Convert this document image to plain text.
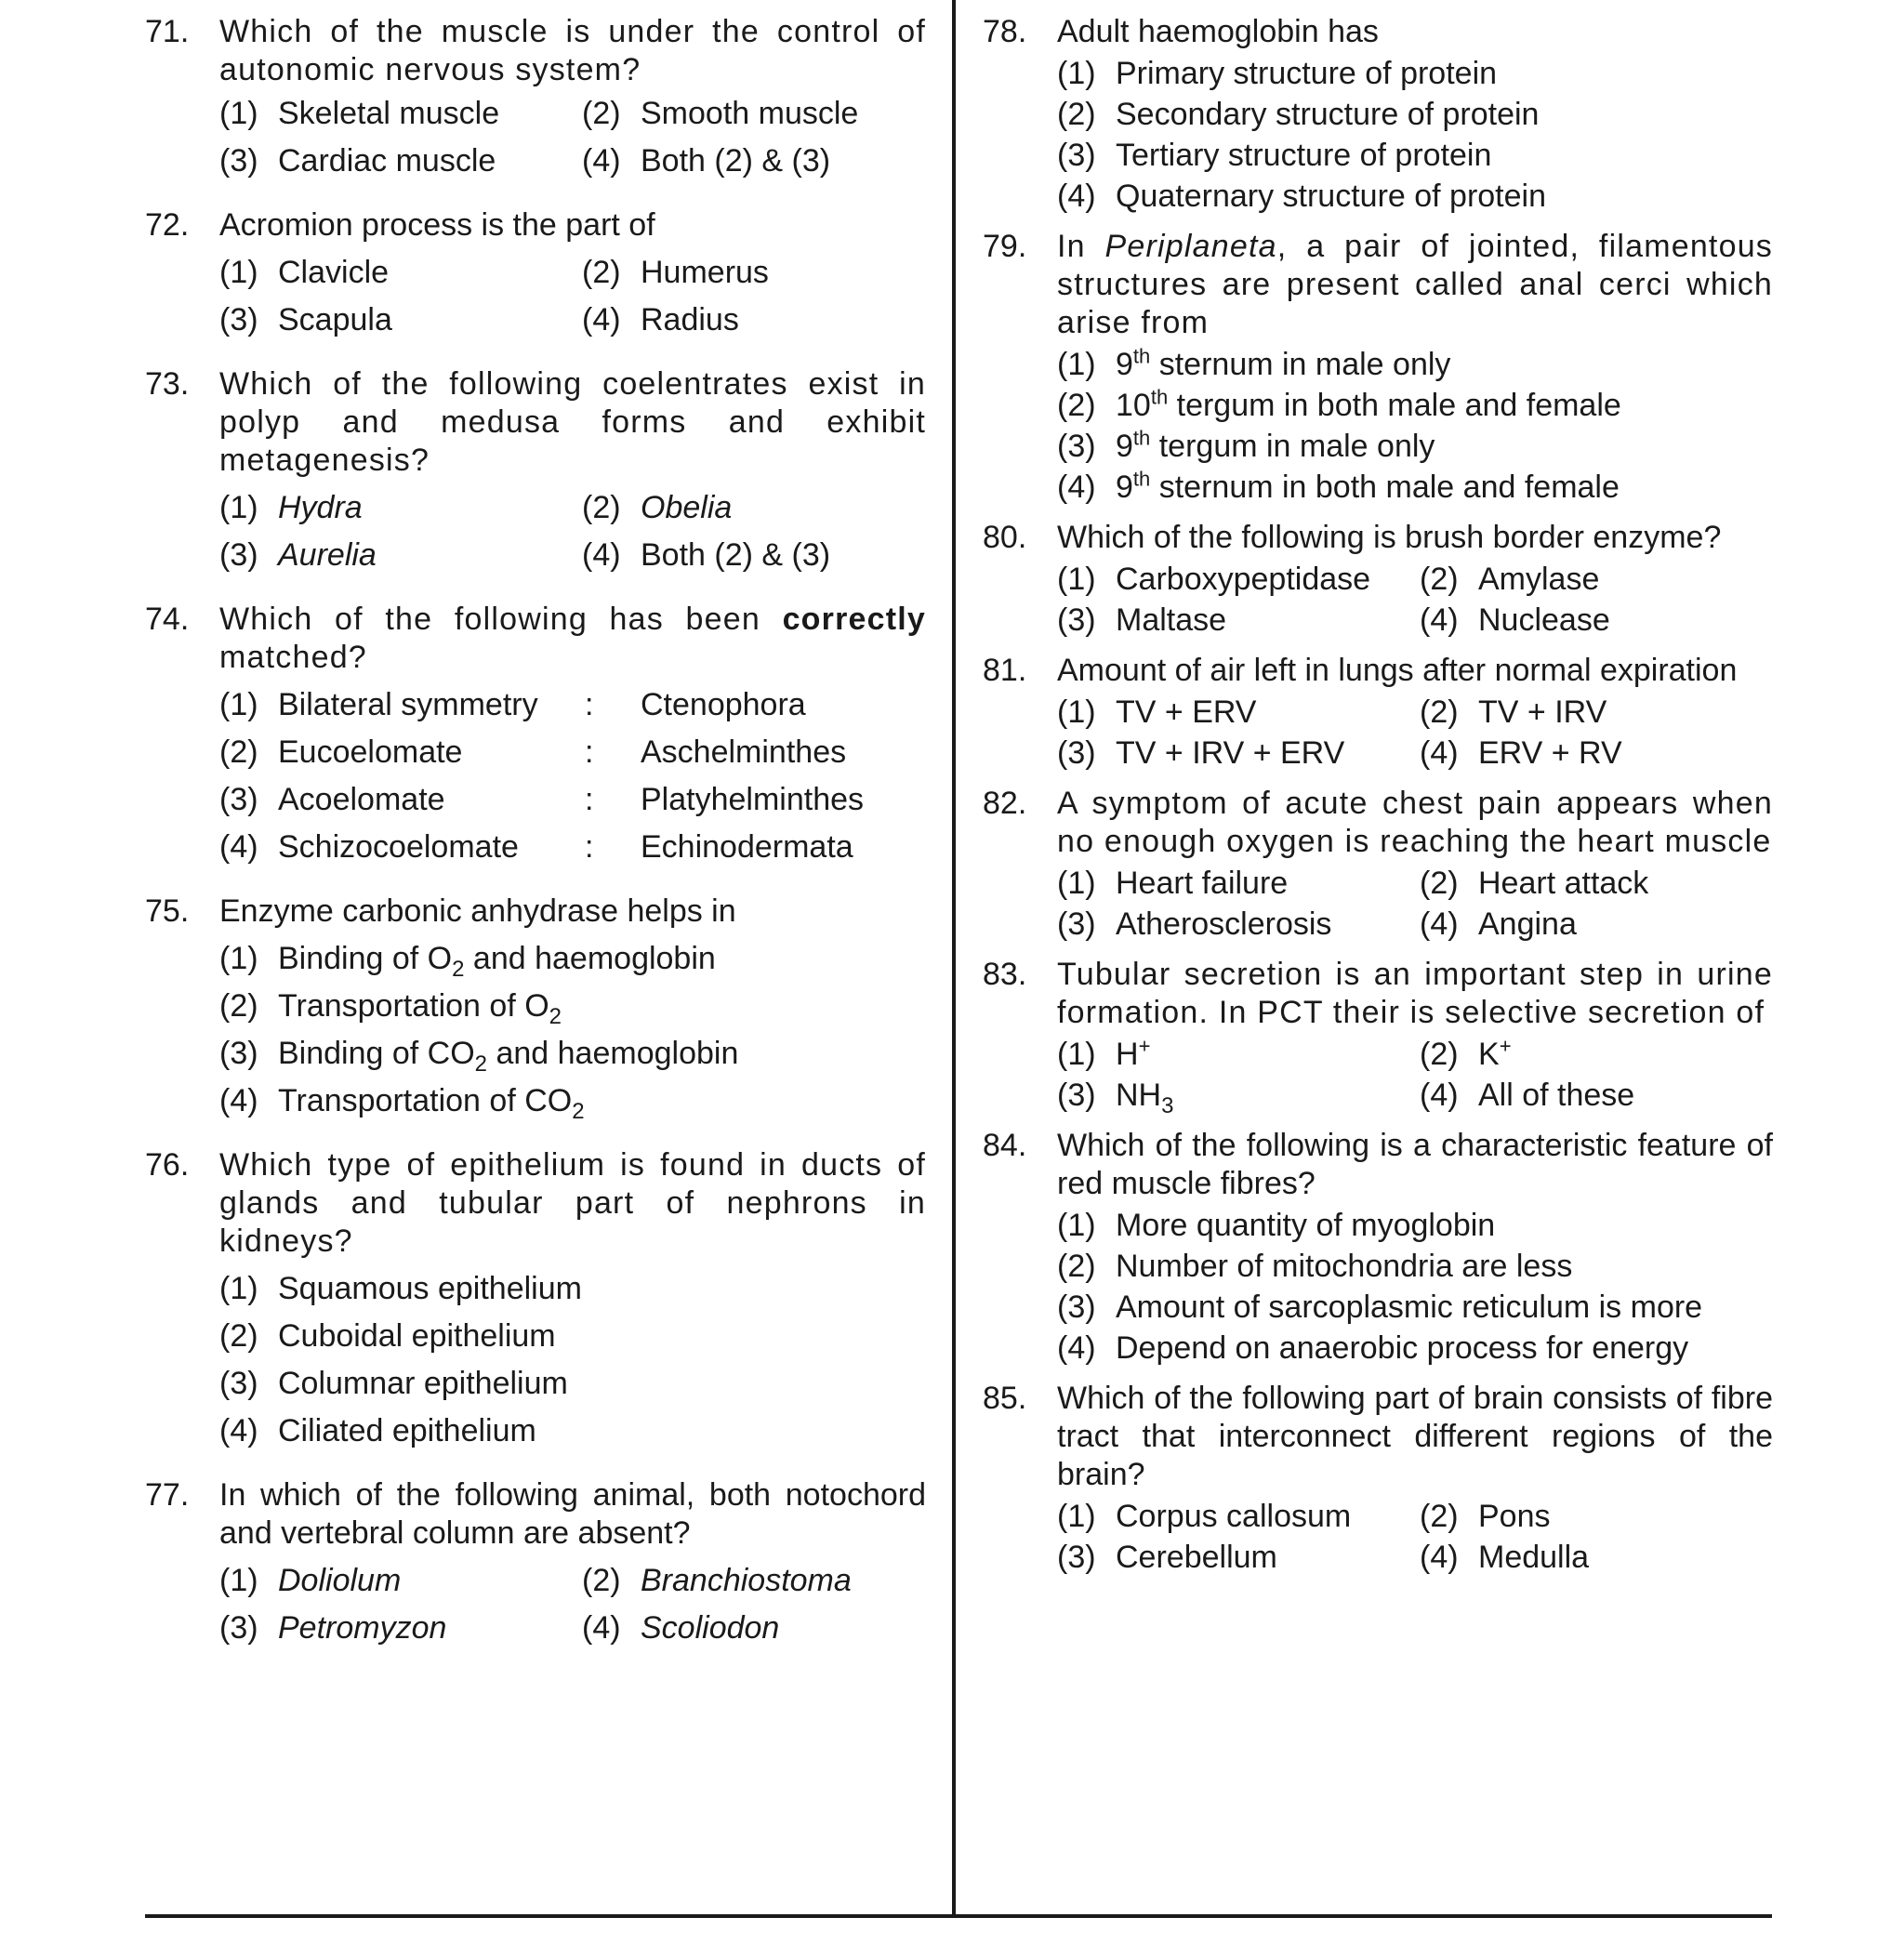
71. Which of the muscle is under the control of autonomic nervous system?
(1) Skeletal muscle	(2) Smooth muscle
(3) Cardiac muscle	(4) Both (2) & (3)
72. Acromion process is the part of
(1) Clavicle	(2) Humerus
(3) Scapula	(4) Radius
73. Which of the following coelentrates exist in polyp and medusa forms and exhibit metagenesis?
(1) Hydra	(2) Obelia
(3) Aurelia	(4) Both (2) & (3)
74. Which of the following has been correctly matched?
(1) Bilateral symmetry	:	Ctenophora
(2) Eucoelomate	:	Aschelminthes
(3) Acoelomate	:	Platyhelminthes
(4) Schizocoelomate	:	Echinodermata
75. Enzyme carbonic anhydrase helps in
(1) Binding of $O_2$ and haemoglobin
(2) Transportation of $O_2$
(3) Binding of $CO_2$ and haemoglobin
(4) Transportation of $CO_2$
76. Which type of epithelium is found in ducts of glands and tubular part of nephrons in kidneys?
(1) Squamous epithelium
(2) Cuboidal epithelium
(3) Columnar epithelium
(4) Ciliated epithelium
77. In which of the following animal, both notochord and vertebral column are absent?
(1) Doliolum	(2) Branchiostoma
(3) Petromyzon	(4) Scoliodon
78. Adult haemoglobin has
(1) Primary structure of protein
(2) Secondary structure of protein
(3) Tertiary structure of protein
(4) Quaternary structure of protein
79. In Periplaneta, a pair of jointed, filamentous structures are present called anal cerci which arise from
(1) 9th sternum in male only
(2) 10th tergum in both male and female
(3) 9th tergum in male only
(4) 9th sternum in both male and female
80. Which of the following is brush border enzyme?
(1) Carboxypeptidase	(2) Amylase
(3) Maltase	(4) Nuclease
81. Amount of air left in lungs after normal expiration
(1) TV + ERV	(2) TV + IRV
(3) TV + IRV + ERV	(4) ERV + RV
82. A symptom of acute chest pain appears when no enough oxygen is reaching the heart muscle
(1) Heart failure	(2) Heart attack
(3) Atherosclerosis	(4) Angina
83. Tubular secretion is an important step in urine formation. In PCT their is selective secretion of
(1) H+	(2) K+
(3) $NH_3$	(4) All of these
84. Which of the following is a characteristic feature of red muscle fibres?
(1) More quantity of myoglobin
(2) Number of mitochondria are less
(3) Amount of sarcoplasmic reticulum is more
(4) Depend on anaerobic process for energy
85. Which of the following part of brain consists of fibre tract that interconnect different regions of the brain?
(1) Corpus callosum	(2) Pons
(3) Cerebellum	(4) Medulla
